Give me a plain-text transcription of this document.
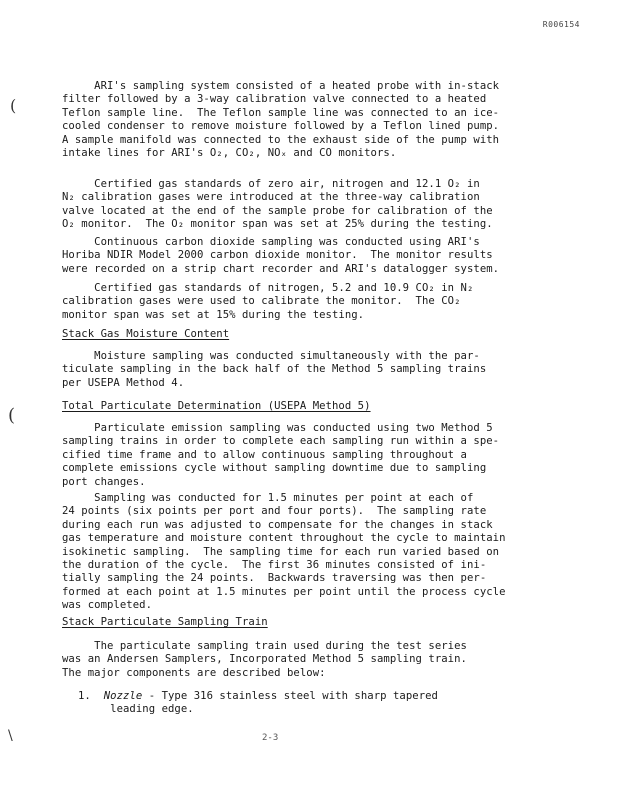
R006154
(
(
\
ARI's sampling system consisted of a heated probe with in-stack
filter followed by a 3-way calibration valve connected to a heated
Teflon sample line.  The Teflon sample line was connected to an ice-
cooled condenser to remove moisture followed by a Teflon lined pump.
A sample manifold was connected to the exhaust side of the pump with
intake lines for ARI's O₂, CO₂, NOₓ and CO monitors.
Certified gas standards of zero air, nitrogen and 12.1 O₂ in
N₂ calibration gases were introduced at the three-way calibration
valve located at the end of the sample probe for calibration of the
O₂ monitor.  The O₂ monitor span was set at 25% during the testing.
Continuous carbon dioxide sampling was conducted using ARI's
Horiba NDIR Model 2000 carbon dioxide monitor.  The monitor results
were recorded on a strip chart recorder and ARI's datalogger system.
Certified gas standards of nitrogen, 5.2 and 10.9 CO₂ in N₂
calibration gases were used to calibrate the monitor.  The CO₂
monitor span was set at 15% during the testing.
Stack Gas Moisture Content
Moisture sampling was conducted simultaneously with the par-
ticulate sampling in the back half of the Method 5 sampling trains
per USEPA Method 4.
Total Particulate Determination (USEPA Method 5)
Particulate emission sampling was conducted using two Method 5
sampling trains in order to complete each sampling run within a spe-
cified time frame and to allow continuous sampling throughout a
complete emissions cycle without sampling downtime due to sampling
port changes.
Sampling was conducted for 1.5 minutes per point at each of
24 points (six points per port and four ports).  The sampling rate
during each run was adjusted to compensate for the changes in stack
gas temperature and moisture content throughout the cycle to maintain
isokinetic sampling.  The sampling time for each run varied based on
the duration of the cycle.  The first 36 minutes consisted of ini-
tially sampling the 24 points.  Backwards traversing was then per-
formed at each point at 1.5 minutes per point until the process cycle
was completed.
Stack Particulate Sampling Train
The particulate sampling train used during the test series
was an Andersen Samplers, Incorporated Method 5 sampling train.
The major components are described below:
1. Nozzle - Type 316 stainless steel with sharp tapered
leading edge.
2-3
